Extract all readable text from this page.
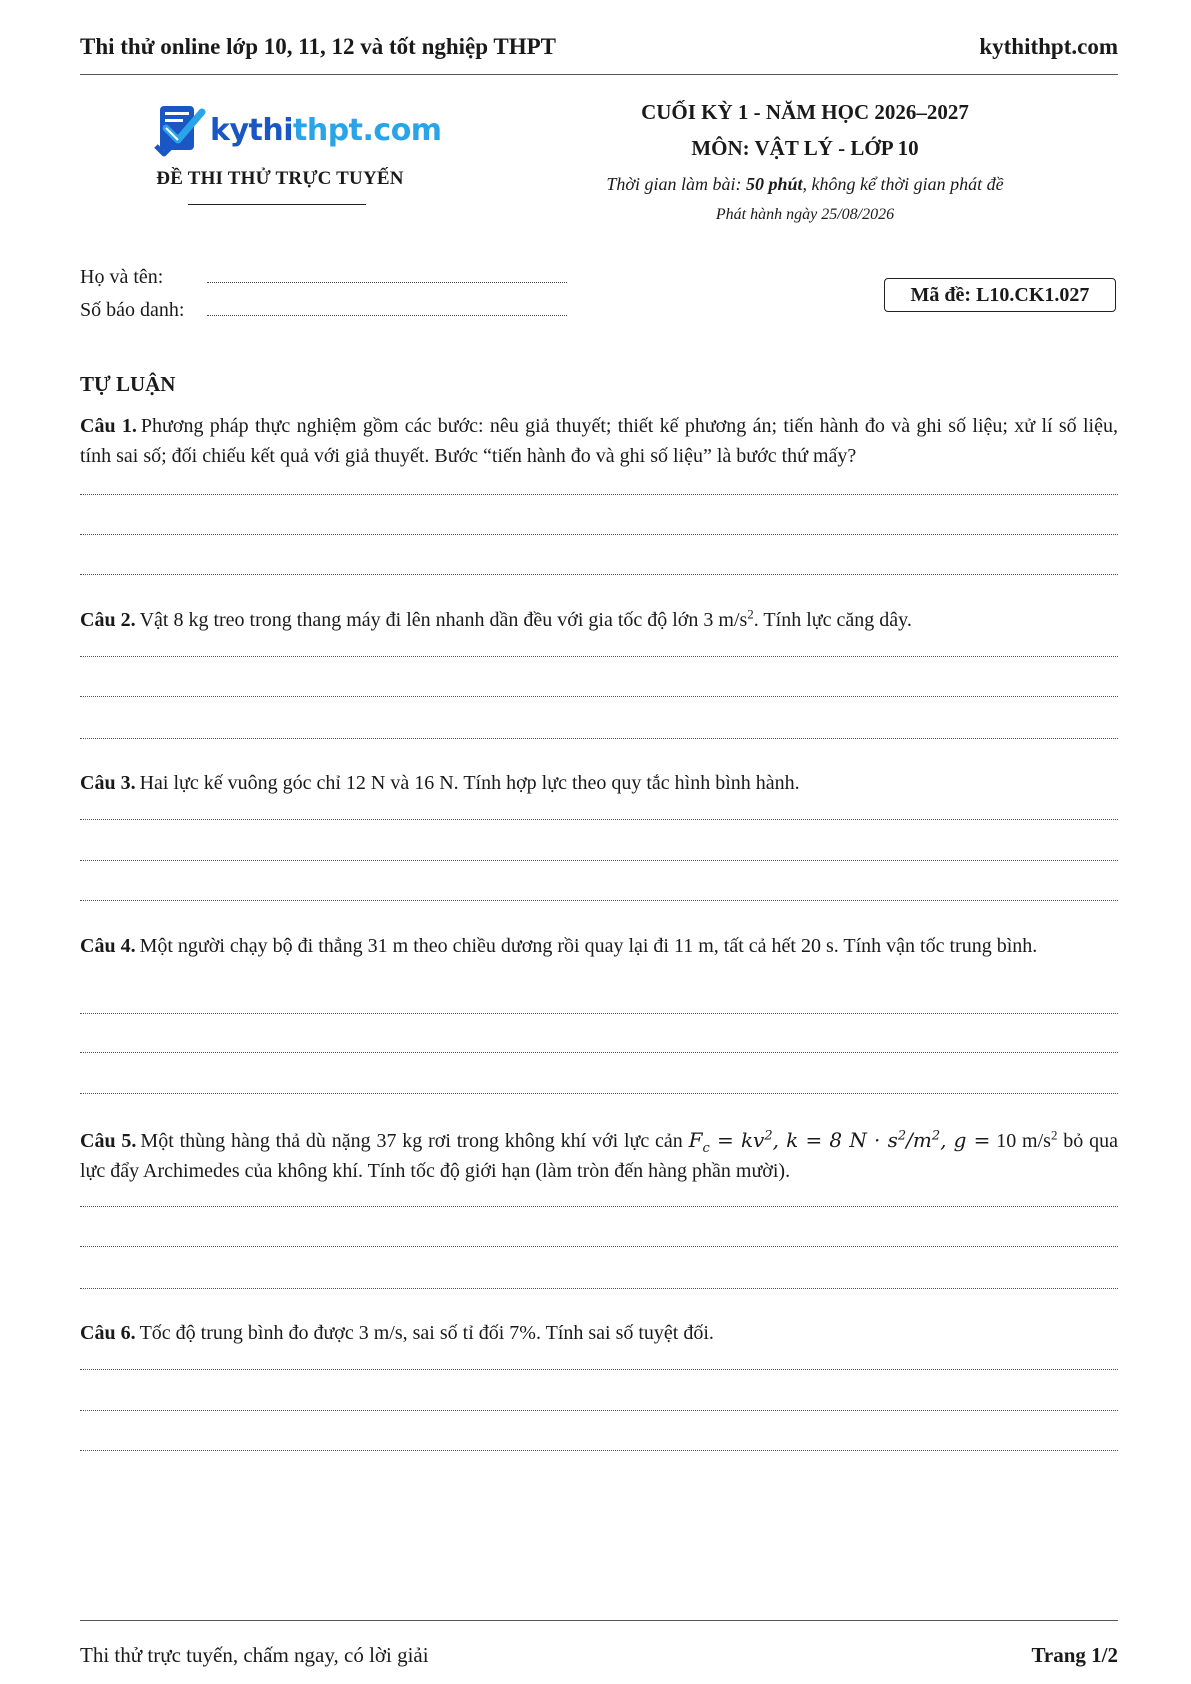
Thi thử online lớp 10, 11, 12 và tốt nghiệp THPT	kythithpt.com
kythithpt.com
ĐỀ THI THỬ TRỰC TUYẾN
CUỐI KỲ 1 - NĂM HỌC 2026–2027
MÔN: VẬT LÝ - LỚP 10
Thời gian làm bài: 50 phút, không kể thời gian phát đề
Phát hành ngày 25/08/2026
Họ và tên:
Số báo danh:
Mã đề: L10.CK1.027
TỰ LUẬN
Câu 1. Phương pháp thực nghiệm gồm các bước: nêu giả thuyết; thiết kế phương án; tiến hành đo và ghi số liệu; xử lí số liệu, tính sai số; đối chiếu kết quả với giả thuyết. Bước “tiến hành đo và ghi số liệu” là bước thứ mấy?
Câu 2. Vật 8 kg treo trong thang máy đi lên nhanh dần đều với gia tốc độ lớn 3 $m/s^2$. Tính lực căng dây.
Câu 3. Hai lực kế vuông góc chỉ 12 N và 16 N. Tính hợp lực theo quy tắc hình bình hành.
Câu 4. Một người chạy bộ đi thẳng 31 m theo chiều dương rồi quay lại đi 11 m, tất cả hết 20 s. Tính vận tốc trung bình.
Câu 5. Một thùng hàng thả dù nặng 37 kg rơi trong không khí với lực cản $F_c = kv^2$, k = 8 $N \cdot s^2/m^2$, g = 10 $m/s^2$ bỏ qua lực đẩy Archimedes của không khí. Tính tốc độ giới hạn (làm tròn đến hàng phần mười).
Câu 6. Tốc độ trung bình đo được 3 m/s, sai số tỉ đối 7%. Tính sai số tuyệt đối.
Thi thử trực tuyến, chấm ngay, có lời giải	Trang 1/2
